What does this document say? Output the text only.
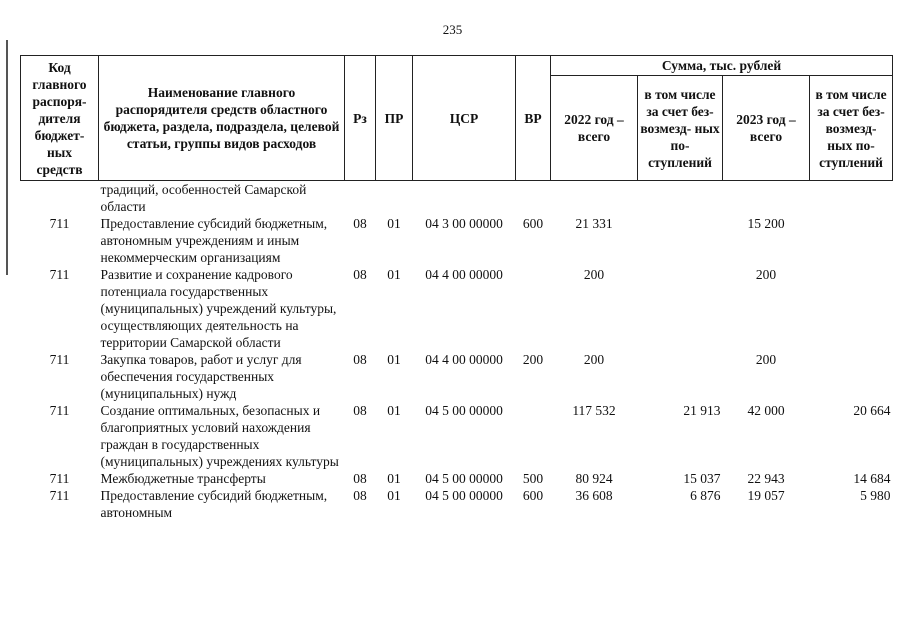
235
Код главного распоря- дителя бюджет- ных средств	Наименование главного распорядителя средств областного бюджета, раздела, подраздела, целевой статьи, группы видов расходов	Рз	ПР	ЦСР	ВР	Сумма, тыс. рублей			
						2022 год – всего	в том числе за счет без- возмезд- ных по- ступлений	2023 год – всего	в том числе за счет без- возмезд- ных по- ступлений
	традиций, особенностей Самарской области								
711	Предоставление субсидий бюджетным, автономным учреждениям и иным некоммерческим организациям	08	01	04 3 00 00000	600	21 331		15 200	
711	Развитие и сохранение кадрового потенциала государственных (муниципальных) учреждений культуры, осуществляющих деятельность на территории Самарской области	08	01	04 4 00 00000		200		200	
711	Закупка товаров, работ и услуг для обеспечения государственных (муниципальных) нужд	08	01	04 4 00 00000	200	200		200	
711	Создание оптимальных, безопасных и благоприятных условий нахождения граждан в государственных (муниципальных) учреждениях культуры	08	01	04 5 00 00000		117 532	21 913	42 000	20 664
711	Межбюджетные трансферты	08	01	04 5 00 00000	500	80 924	15 037	22 943	14 684
711	Предоставление субсидий бюджетным, автономным	08	01	04 5 00 00000	600	36 608	6 876	19 057	5 980
